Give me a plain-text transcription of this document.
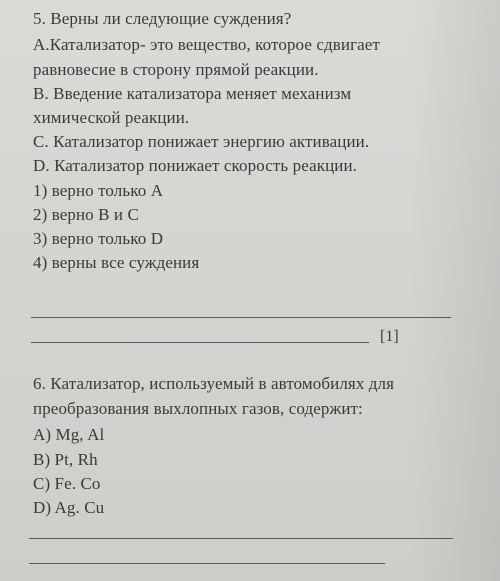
5. Верны ли следующие суждения?
А.Катализатор- это вещество, которое сдвигает
равновесие в сторону прямой реакции.
В. Введение катализатора меняет механизм
химической реакции.
С. Катализатор понижает энергию активации.
D. Катализатор понижает скорость реакции.
1) верно только А
2) верно В и С
3) верно только D
4) верны все суждения
[1]
6. Катализатор, используемый в автомобилях для
преобразования выхлопных газов, содержит:
А) Mg, Al
В) Pt, Rh
С) Fe. Co
D) Ag. Cu
